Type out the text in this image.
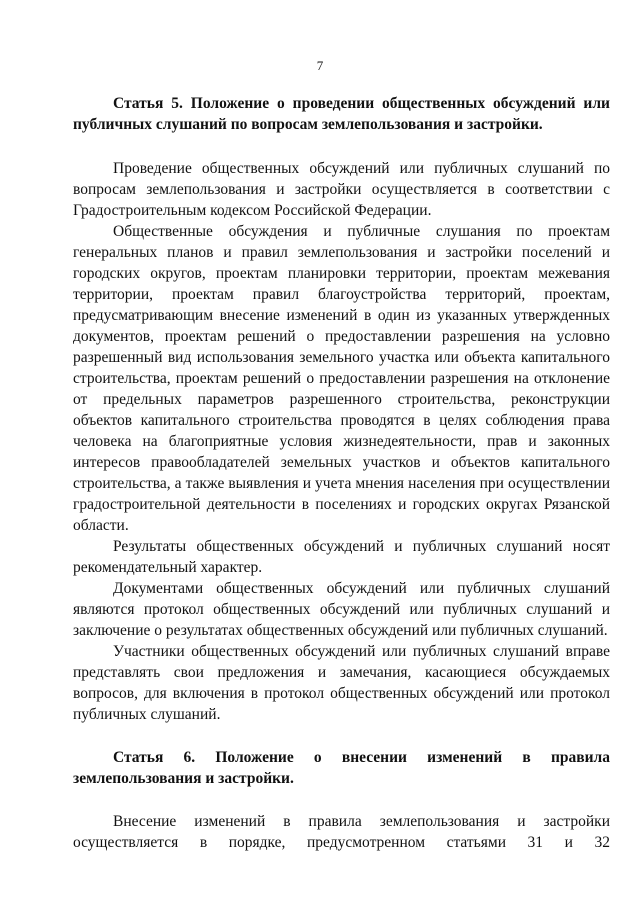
7

Статья 5. Положение о проведении общественных обсуждений или публичных слушаний по вопросам землепользования и застройки.

Проведение общественных обсуждений или публичных слушаний по вопросам землепользования и застройки осуществляется в соответствии с Градостроительным кодексом Российской Федерации.

Общественные обсуждения и публичные слушания по проектам генеральных планов и правил землепользования и застройки поселений и городских округов, проектам планировки территории, проектам межевания территории, проектам правил благоустройства территорий, проектам, предусматривающим внесение изменений в один из указанных утвержденных документов, проектам решений о предоставлении разрешения на условно разрешенный вид использования земельного участка или объекта капитального строительства, проектам решений о предоставлении разрешения на отклонение от предельных параметров разрешенного строительства, реконструкции объектов капитального строительства проводятся в целях соблюдения права человека на благоприятные условия жизнедеятельности, прав и законных интересов правообладателей земельных участков и объектов капитального строительства, а также выявления и учета мнения населения при осуществлении градостроительной деятельности в поселениях и городских округах Рязанской области.

Результаты общественных обсуждений и публичных слушаний носят рекомендательный характер.

Документами общественных обсуждений или публичных слушаний являются протокол общественных обсуждений или публичных слушаний и заключение о результатах общественных обсуждений или публичных слушаний.

Участники общественных обсуждений или публичных слушаний вправе представлять свои предложения и замечания, касающиеся обсуждаемых вопросов, для включения в протокол общественных обсуждений или протокол публичных слушаний.

Статья 6. Положение о внесении изменений в правила

землепользования и застройки.

Внесение изменений в правила землепользования и застройки осуществляется в порядке, предусмотренном статьями 31 и 32
